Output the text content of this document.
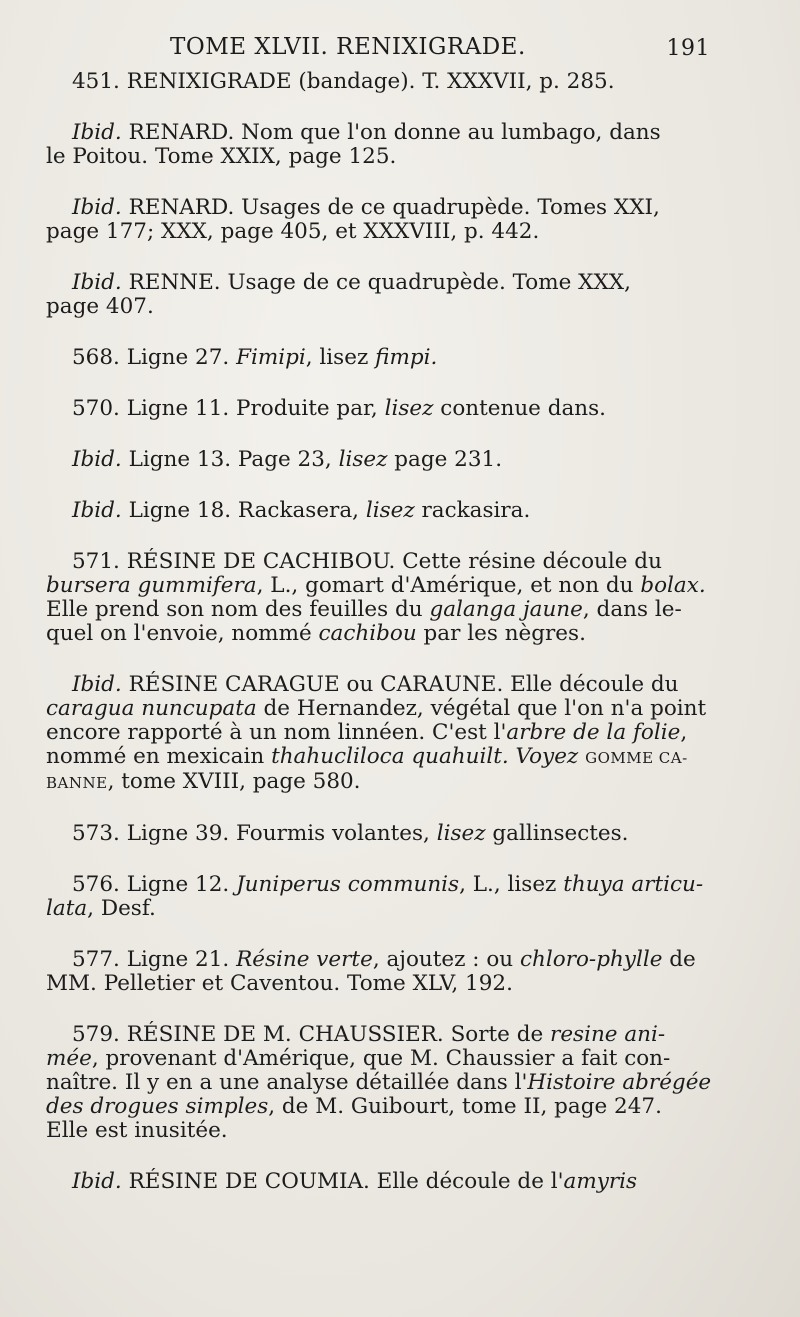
TOME XLVII. RENIXIGRADE.	191
451. RENIXIGRADE (bandage). T. XXXVII, p. 285.
Ibid. RENARD. Nom que l'on donne au lumbago, dans
le Poitou. Tome XXIX, page 125.
Ibid. RENARD. Usages de ce quadrupède. Tomes XXI,
page 177; XXX, page 405, et XXXVIII, p. 442.
Ibid. RENNE. Usage de ce quadrupède. Tome XXX,
page 407.
568. Ligne 27. Fimipi, lisez fimpi.
570. Ligne 11. Produite par, lisez contenue dans.
Ibid. Ligne 13. Page 23, lisez page 231.
Ibid. Ligne 18. Rackasera, lisez rackasira.
571. RÉSINE DE CACHIBOU. Cette résine découle du
bursera gummifera, L., gomart d'Amérique, et non du bolax.
Elle prend son nom des feuilles du galanga jaune, dans le-
quel on l'envoie, nommé cachibou par les nègres.
Ibid. RÉSINE CARAGUE ou CARAUNE. Elle découle du
caragua nuncupata de Hernandez, végétal que l'on n'a point
encore rapporté à un nom linnéen. C'est l'arbre de la folie,
nommé en mexicain thahucliloca quahuilt. Voyez GOMME CA-
BANNE, tome XVIII, page 580.
573. Ligne 39. Fourmis volantes, lisez gallinsectes.
576. Ligne 12. Juniperus communis, L., lisez thuya articu-
lata, Desf.
577. Ligne 21. Résine verte, ajoutez : ou chloro-phylle de
MM. Pelletier et Caventou. Tome XLV, 192.
579. RÉSINE DE M. CHAUSSIER. Sorte de resine ani-
mée, provenant d'Amérique, que M. Chaussier a fait con-
naître. Il y en a une analyse détaillée dans l'Histoire abrégée
des drogues simples, de M. Guibourt, tome II, page 247.
Elle est inusitée.
Ibid. RÉSINE DE COUMIA. Elle découle de l'amyris
